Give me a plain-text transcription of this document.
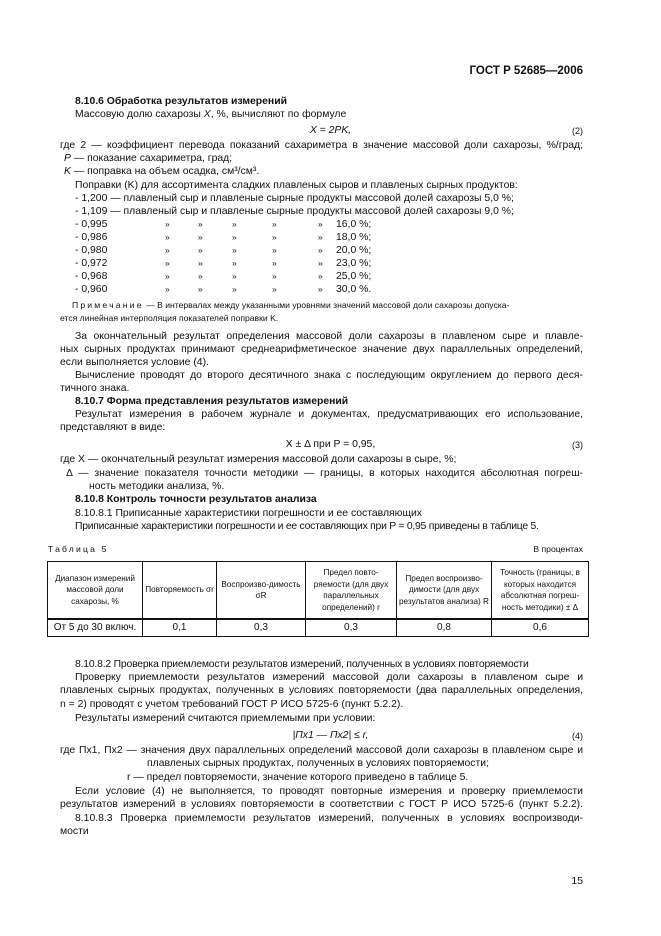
ГОСТ Р 52685—2006
8.10.6 Обработка результатов измерений
Массовую долю сахарозы X, %, вычисляют по формуле
X = 2PK,	(2)
где 2 — коэффициент перевода показаний сахариметра в значение массовой доли сахарозы, %/град;
P — показание сахариметра, град;
K — поправка на объем осадка, см³/см³.
Поправки (K) для ассортимента сладких плавленых сыров и плавленых сырных продуктов:
- 1,200 — плавленый сыр и плавленые сырные продукты массовой долей сахарозы 5,0 %;
- 1,109 — плавленый сыр и плавленые сырные продукты массовой долей сахарозы 9,0 %;
- 0,995	»	»	»	»	» 16,0 %;
- 0,986	»	»	»	»	» 18,0 %;
- 0,980	»	»	»	»	» 20,0 %;
- 0,972	»	»	»	»	» 23,0 %;
- 0,968	»	»	»	»	» 25,0 %;
- 0,960	»	»	»	»	» 30,0 %.
Примечание — В интервалах между указанными уровнями значений массовой доли сахарозы допуска-
ется линейная интерполяция показателей поправки K.
За окончательный результат определения массовой доли сахарозы в плавленом сыре и плавле-
ных сырных продуктах принимают среднеарифметическое значение двух параллельных определений,
если выполняется условие (4).
Вычисление проводят до второго десятичного знака с последующим округлением до первого деся-
тичного знака.
8.10.7 Форма представления результатов измерений
Результат измерения в рабочем журнале и документах, предусматривающих его использование,
представляют в виде:
X ± Δ при P = 0,95,	(3)
где X — окончательный результат измерения массовой доли сахарозы в сыре, %;
Δ — значение показателя точности методики — границы, в которых находится абсолютная погреш-
ность методики анализа, %.
8.10.8 Контроль точности результатов анализа
8.10.8.1 Приписанные характеристики погрешности и ее составляющих
Приписанные характеристики погрешности и ее составляющих при P = 0,95 приведены в таблице 5.
Таблица 5	В процентах
Диапазон измерений массовой доли сахарозы, %	Повторяемость σr	Воспроизво-димость σR	Предел повто-ряемости (для двух параллельных определений) r	Предел воспроизво-димости (для двух результатов анализа) R	Точность (границы, в которых находится абсолютная погреш-ность методики) ± Δ
От 5 до 30 включ.	0,1	0,3	0,3	0,8	0,6
8.10.8.2 Проверка приемлемости результатов измерений, полученных в условиях повторяемости
Проверку приемлемости результатов измерений массовой доли сахарозы в плавленом сыре и
плавленых сырных продуктах, полученных в условиях повторяемости (два параллельных определения,
n = 2) проводят с учетом требований ГОСТ Р ИСО 5725-6 (пункт 5.2.2).
Результаты измерений считаются приемлемыми при условии:
|Пx1 — Пx2| ≤ r,	(4)
где Пx1, Пx2 — значения двух параллельных определений массовой доли сахарозы в плавленом сыре и
плавленых сырных продуктах, полученных в условиях повторяемости;
r — предел повторяемости, значение которого приведено в таблице 5.
Если условие (4) не выполняется, то проводят повторные измерения и проверку приемлемости
результатов измерений в условиях повторяемости в соответствии с ГОСТ Р ИСО 5725-6 (пункт 5.2.2).
8.10.8.3 Проверка приемлемости результатов измерений, полученных в условиях воспроизводи-
мости
15
